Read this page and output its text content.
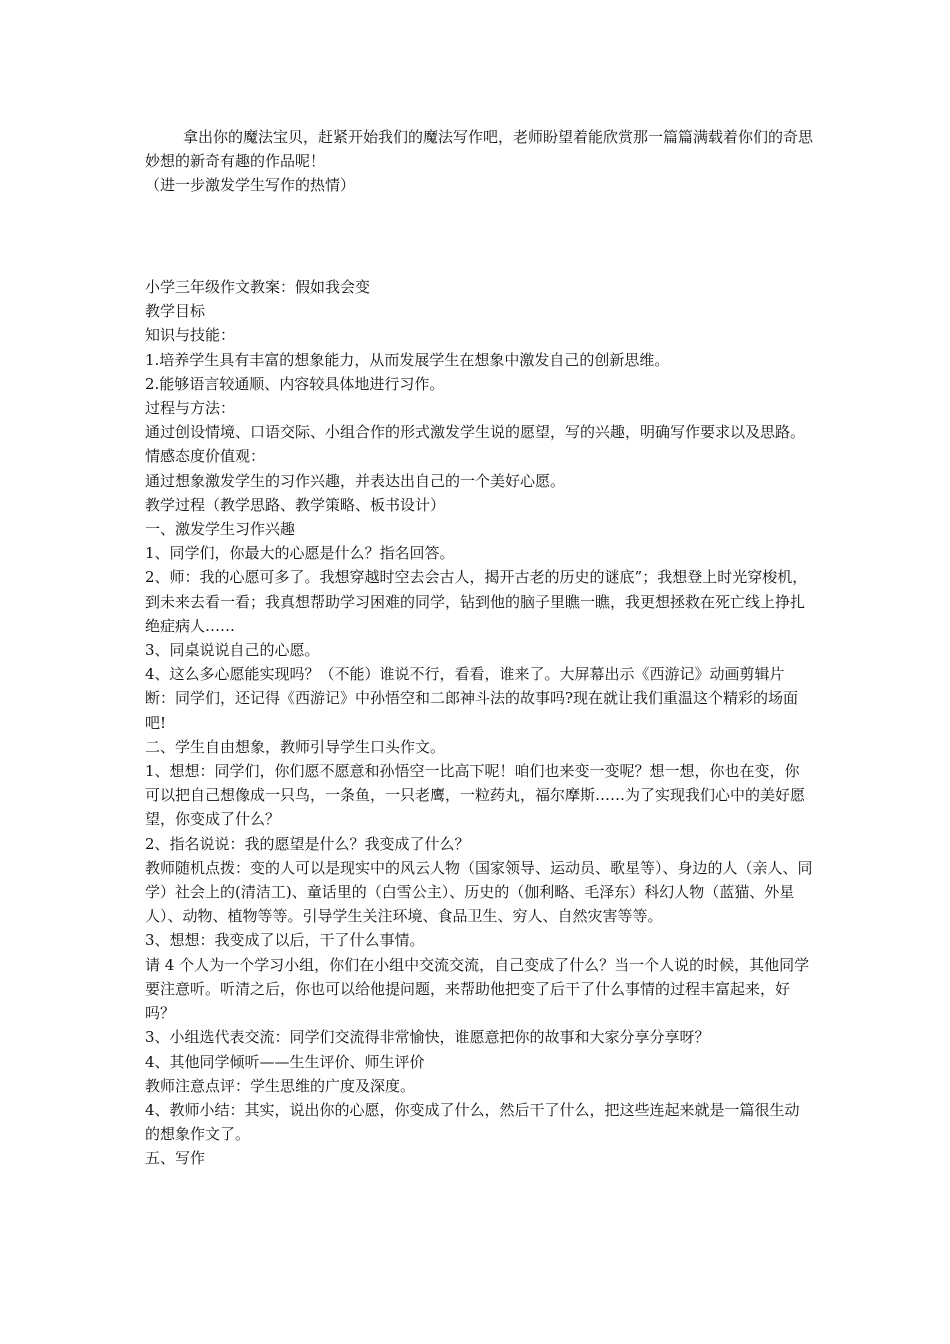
拿出你的魔法宝贝，赶紧开始我们的魔法写作吧，老师盼望着能欣赏那一篇篇满载着你们的奇思妙想的新奇有趣的作品呢！

（进一步激发学生写作的热情）

小学三年级作文教案：假如我会变

教学目标

知识与技能：

1.培养学生具有丰富的想象能力，从而发展学生在想象中激发自己的创新思维。

2.能够语言较通顺、内容较具体地进行习作。

过程与方法：

通过创设情境、口语交际、小组合作的形式激发学生说的愿望，写的兴趣，明确写作要求以及思路。

情感态度价值观：

通过想象激发学生的习作兴趣，并表达出自己的一个美好心愿。

教学过程（教学思路、教学策略、板书设计）

一、激发学生习作兴趣

1、同学们，你最大的心愿是什么？指名回答。

2、师：我的心愿可多了。我想穿越时空去会古人，揭开古老的历史的谜底”；我想登上时光穿梭机，到未来去看一看；我真想帮助学习困难的同学，钻到他的脑子里瞧一瞧，我更想拯救在死亡线上挣扎绝症病人……

3、同桌说说自己的心愿。

4、这么多心愿能实现吗？（不能）谁说不行，看看，谁来了。大屏幕出示《西游记》动画剪辑片断：同学们，还记得《西游记》中孙悟空和二郎神斗法的故事吗?现在就让我们重温这个精彩的场面吧!

二、学生自由想象，教师引导学生口头作文。

1、想想：同学们，你们愿不愿意和孙悟空一比高下呢！咱们也来变一变呢？想一想，你也在变，你可以把自己想像成一只鸟，一条鱼，一只老鹰，一粒药丸，福尔摩斯……为了实现我们心中的美好愿望，你变成了什么？

2、指名说说：我的愿望是什么？我变成了什么？

教师随机点拨：变的人可以是现实中的风云人物（国家领导、运动员、歌星等）、身边的人（亲人、同学）社会上的(清洁工)、童话里的（白雪公主）、历史的（伽利略、毛泽东）科幻人物（蓝猫、外星人）、动物、植物等等。引导学生关注环境、食品卫生、穷人、自然灾害等等。

3、想想：我变成了以后，干了什么事情。

请 4 个人为一个学习小组，你们在小组中交流交流，自己变成了什么？当一个人说的时候，其他同学要注意听。听清之后，你也可以给他提问题，来帮助他把变了后干了什么事情的过程丰富起来，好吗？

3、小组选代表交流：同学们交流得非常愉快，谁愿意把你的故事和大家分享分享呀？

4、其他同学倾听——生生评价、师生评价

教师注意点评：学生思维的广度及深度。

4、教师小结：其实，说出你的心愿，你变成了什么，然后干了什么，把这些连起来就是一篇很生动的想象作文了。

五、写作
